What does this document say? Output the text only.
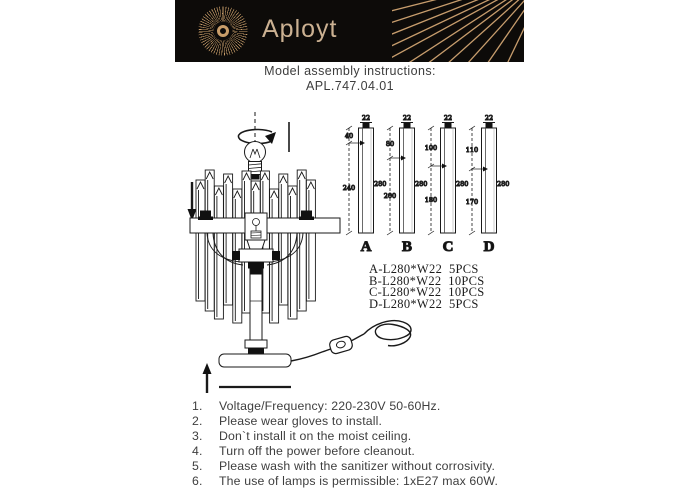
Aployt
Model assembly instructions:
APL.747.04.01
22
40
240	280
A
22
80
200
280
B
22
100
180
280
C
22
110
170
280
D
A-L280*W22  5PCS
B-L280*W22  10PCS
C-L280*W22  10PCS
D-L280*W22  5PCS
1.	Voltage/Frequency: 220-230V 50-60Hz.
2.	Please wear gloves to install.
3.	Don`t install it on the moist ceiling.
4.	Turn off the power before cleanout.
5.	Please wash with the sanitizer without corrosivity.
6.	The use of lamps is permissible: 1xE27 max 60W.
